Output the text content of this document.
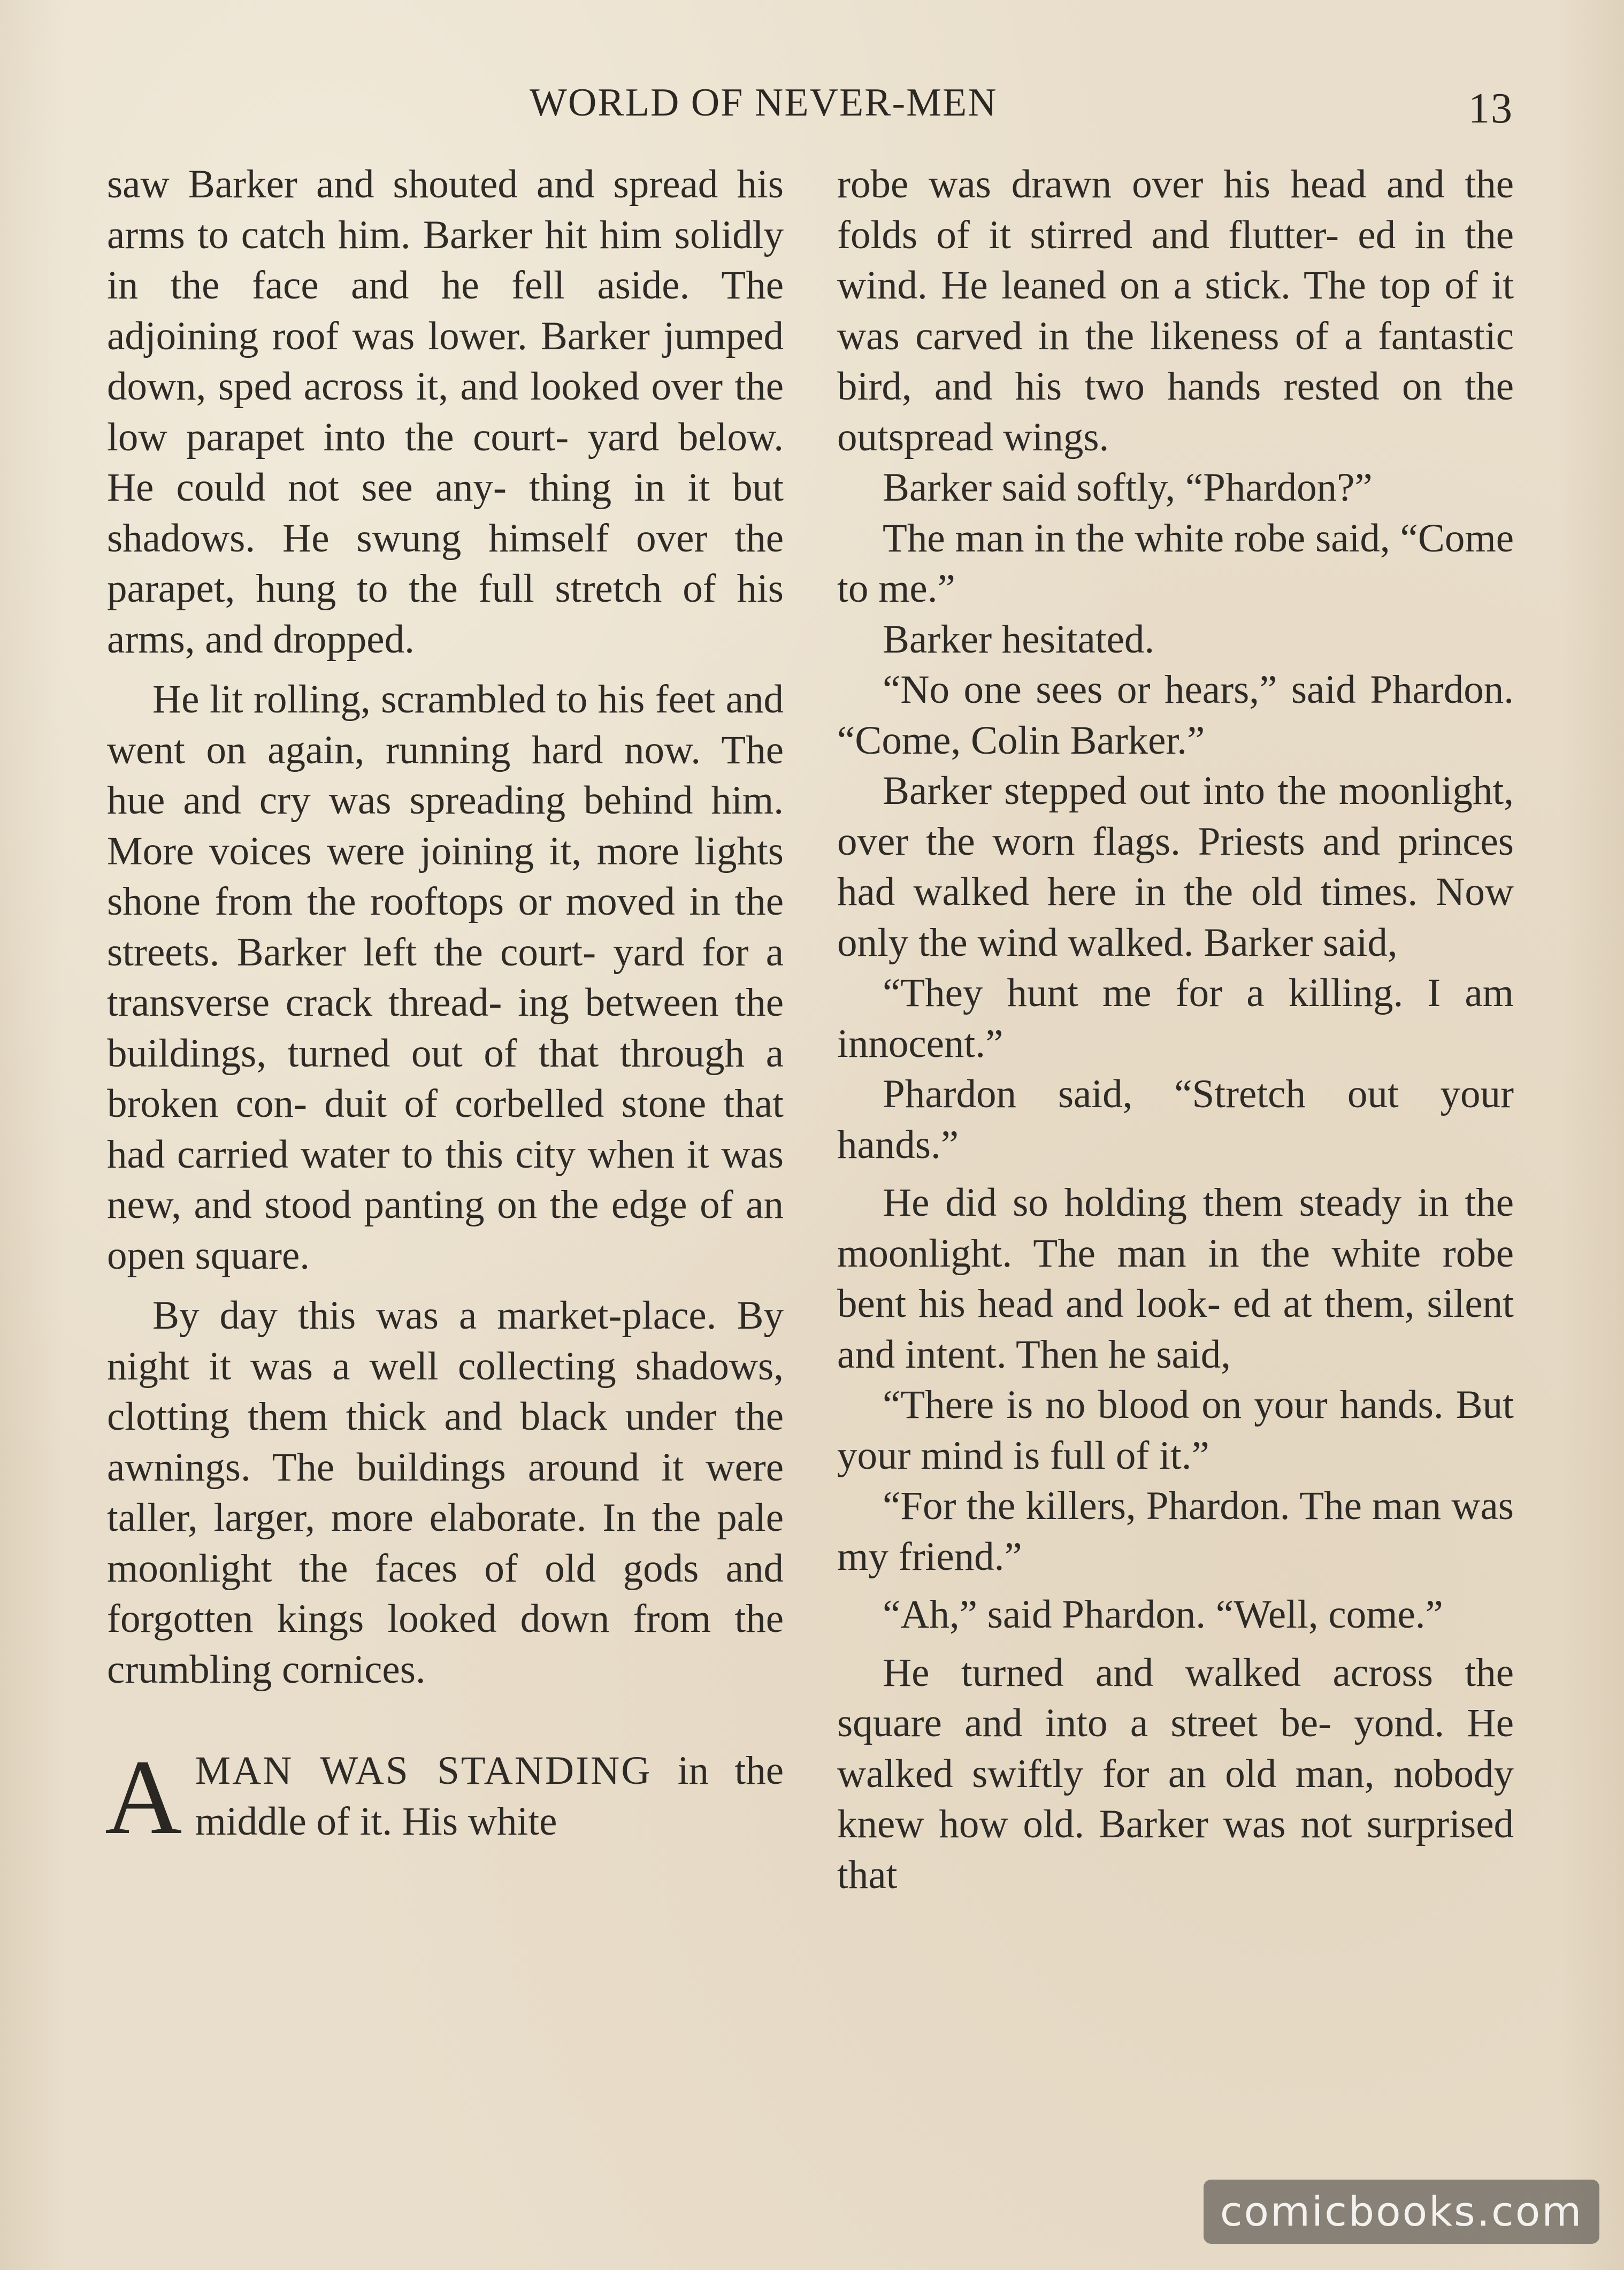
WORLD OF NEVER-MEN	13

saw Barker and shouted and spread his arms to catch him. Barker hit him solidly in the face and he fell aside. The adjoining roof was lower. Barker jumped down, sped across it, and looked over the low parapet into the court- yard below. He could not see any- thing in it but shadows. He swung himself over the parapet, hung to the full stretch of his arms, and dropped.

He lit rolling, scrambled to his feet and went on again, running hard now. The hue and cry was spreading behind him. More voices were joining it, more lights shone from the rooftops or moved in the streets. Barker left the court- yard for a transverse crack thread- ing between the buildings, turned out of that through a broken con- duit of corbelled stone that had carried water to this city when it was new, and stood panting on the edge of an open square.

By day this was a market-place. By night it was a well collecting shadows, clotting them thick and black under the awnings. The buildings around it were taller, larger, more elaborate. In the pale moonlight the faces of old gods and forgotten kings looked down from the crumbling cornices.

A MAN WAS STANDING in the middle of it. His white

robe was drawn over his head and the folds of it stirred and flutter- ed in the wind. He leaned on a stick. The top of it was carved in the likeness of a fantastic bird, and his two hands rested on the outspread wings.

Barker said softly, “Phardon?”

The man in the white robe said, “Come to me.”

Barker hesitated.

“No one sees or hears,” said Phardon. “Come, Colin Barker.”

Barker stepped out into the moonlight, over the worn flags. Priests and princes had walked here in the old times. Now only the wind walked. Barker said,

“They hunt me for a killing. I am innocent.”

Phardon said, “Stretch out your hands.”

He did so holding them steady in the moonlight. The man in the white robe bent his head and look- ed at them, silent and intent. Then he said,

“There is no blood on your hands. But your mind is full of it.”

“For the killers, Phardon. The man was my friend.”

“Ah,” said Phardon. “Well, come.”

He turned and walked across the square and into a street be- yond. He walked swiftly for an old man, nobody knew how old. Barker was not surprised that

comicbooks.com
